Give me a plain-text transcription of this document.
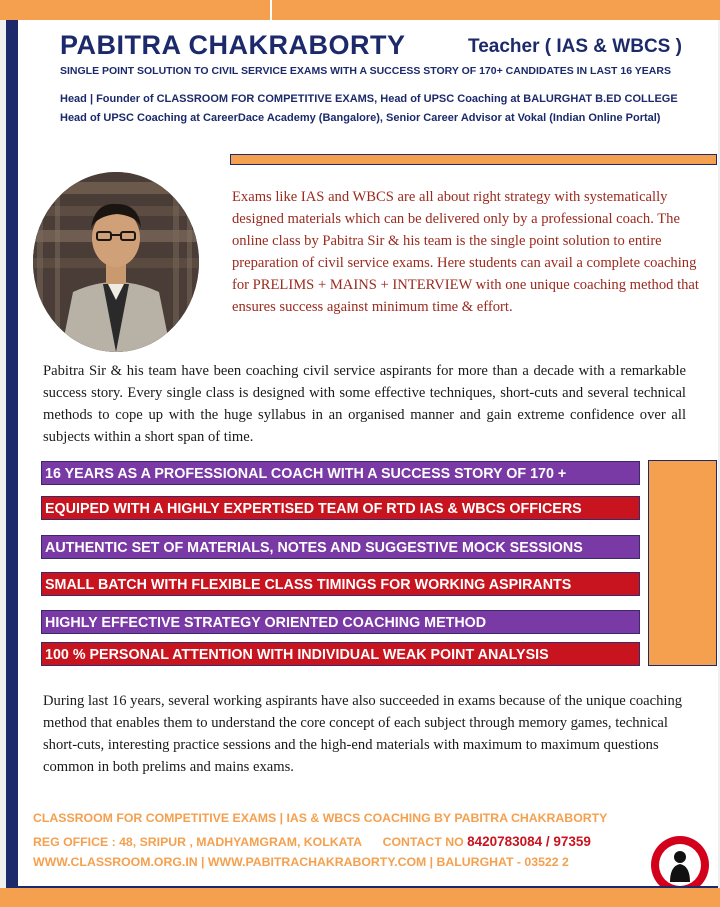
PABITRA CHAKRABORTY	Teacher ( IAS & WBCS )
SINGLE POINT SOLUTION TO CIVIL SERVICE EXAMS WITH A SUCCESS STORY OF 170+ CANDIDATES IN LAST 16 YEARS
Head | Founder of CLASSROOM FOR COMPETITIVE EXAMS, Head of UPSC Coaching at BALURGHAT B.ED COLLEGE
Head of UPSC Coaching at CareerDace Academy (Bangalore), Senior Career Advisor at Vokal (Indian Online Portal)
Exams like IAS and WBCS are all about right strategy with systematically designed materials which can be delivered only by a professional coach. The online class by Pabitra Sir & his team is the single point solution to entire preparation of civil service exams. Here students can avail a complete coaching for PRELIMS + MAINS + INTERVIEW with one unique coaching method that ensures success against minimum time & effort.
Pabitra Sir & his team have been coaching civil service aspirants for more than a decade with a remarkable success story. Every single class is designed with some effective techniques, short-cuts and several technical methods to cope up with the huge syllabus in an organised manner and gain extreme confidence over all subjects within a short span of time.
16 YEARS AS A PROFESSIONAL COACH WITH A SUCCESS STORY OF 170 +
EQUIPED WITH A HIGHLY EXPERTISED TEAM OF RTD IAS & WBCS OFFICERS
AUTHENTIC SET OF MATERIALS, NOTES AND SUGGESTIVE MOCK SESSIONS
SMALL BATCH WITH FLEXIBLE CLASS TIMINGS FOR WORKING ASPIRANTS
HIGHLY EFFECTIVE STRATEGY ORIENTED COACHING METHOD
100 % PERSONAL ATTENTION WITH INDIVIDUAL WEAK POINT ANALYSIS
During last 16 years, several working aspirants have also succeeded in exams because of the unique coaching method that enables them to understand the core concept of each subject through memory games, technical short-cuts, interesting practice sessions and the high-end materials with maximum to maximum questions common in both prelims and mains exams.
CLASSROOM FOR COMPETITIVE EXAMS | IAS & WBCS COACHING BY PABITRA CHAKRABORTY
REG OFFICE : 48, SRIPUR , MADHYAMGRAM, KOLKATA CONTACT NO 8420783084 / 97359
WWW.CLASSROOM.ORG.IN | WWW.PABITRACHAKRABORTY.COM | BALURGHAT - 03522 2
